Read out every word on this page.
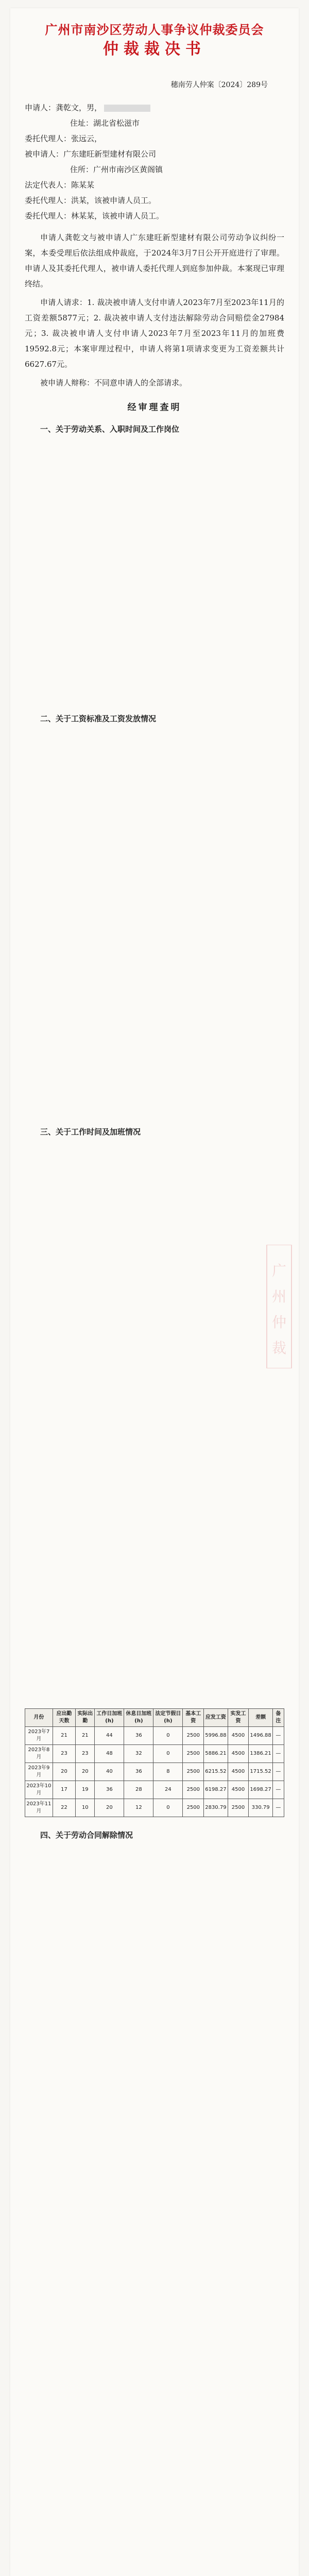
广
州
仲
裁
广州市南沙区劳动人事争议仲裁委员会
仲裁裁决书
穗南劳人仲案〔2024〕289号

申请人：龚乾文，男，

住址：湖北省松滋市

委托代理人：张远云，

被申请人：广东建旺新型建材有限公司

住所：广州市南沙区黄阁镇

法定代表人：陈某某

委托代理人：洪某，该被申请人员工。

委托代理人：林某某，该被申请人员工。

申请人龚乾文与被申请人广东建旺新型建材有限公司劳动争议纠纷一案，本委受理后依法组成仲裁庭，于2024年3月7日公开开庭进行了审理。申请人及其委托代理人，被申请人委托代理人到庭参加仲裁。本案现已审理终结。

申请人请求：1. 裁决被申请人支付申请人2023年7月至2023年11月的工资差额5877元；2. 裁决被申请人支付违法解除劳动合同赔偿金27984元；3. 裁决被申请人支付申请人2023年7月至2023年11月的加班费19592.8元；本案审理过程中，申请人将第1项请求变更为工资差额共计6627.67元。

被申请人辩称：不同意申请人的全部请求。

经审理查明
一、关于劳动关系、入职时间及工作岗位
二、关于工资标准及工资发放情况
三、关于工作时间及加班情况
月份	应出勤天数	实际出勤	工作日加班(h)	休息日加班(h)	法定节假日(h)	基本工资	应发工资	实发工资	差额	备注
2023年7月	21	21	44	36	0	2500	5996.88	4500	1496.88	—
2023年8月	23	23	48	32	0	2500	5886.21	4500	1386.21	—
2023年9月	20	20	40	36	8	2500	6215.52	4500	1715.52	—
2023年10月	17	19	36	28	24	2500	6198.27	4500	1698.27	—
2023年11月	22	10	20	12	0	2500	2830.79	2500	330.79	—
四、关于劳动合同解除情况
